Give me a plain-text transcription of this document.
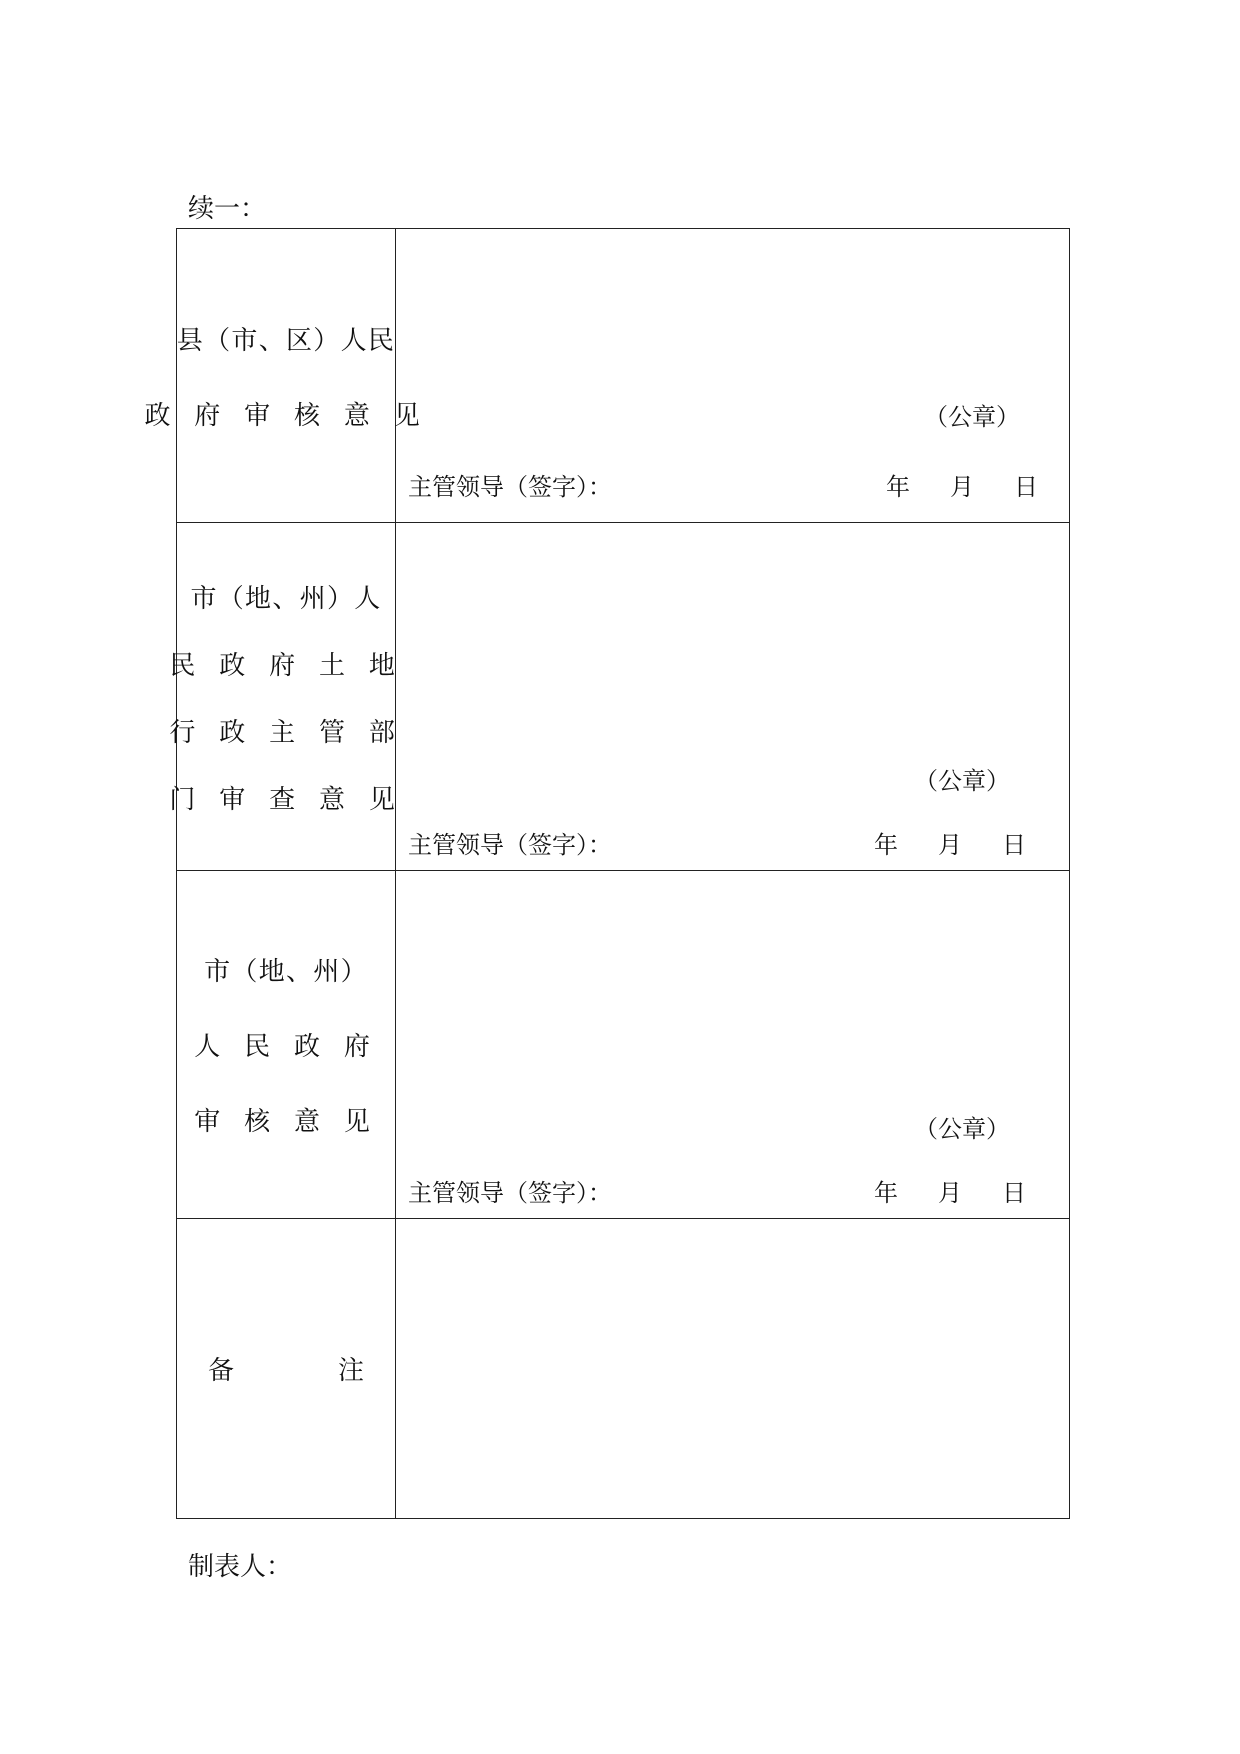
续一：
县（市、区）人民
政 府 审 核 意 见	（公章）
主管领导（签字）：	年 月 日
市（地、州）人
民 政 府 土 地
行 政 主 管 部
门 审 查 意 见
（公章）
主管领导（签字）：	年 月 日
市（地、州）
人 民 政 府
审 核 意 见	（公章）
主管领导（签字）：	年 月 日
备　　　　注
制表人：
